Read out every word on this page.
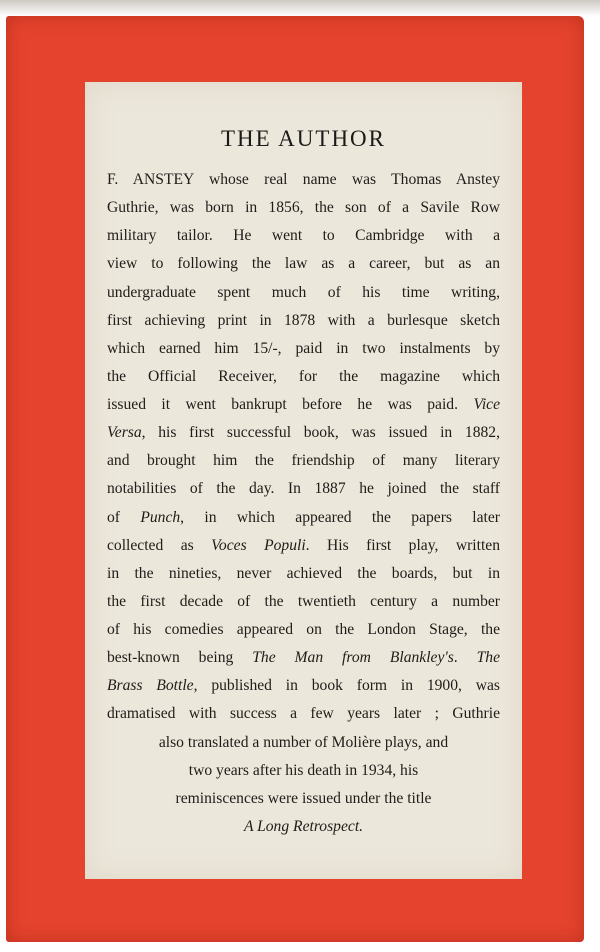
THE AUTHOR
F. ANSTEY whose real name was Thomas Anstey
Guthrie, was born in 1856, the son of a Savile Row
military tailor. He went to Cambridge with a
view to following the law as a career, but as an
undergraduate spent much of his time writing,
first achieving print in 1878 with a burlesque sketch
which earned him 15/-, paid in two instalments by
the Official Receiver, for the magazine which
issued it went bankrupt before he was paid. Vice
Versa, his first successful book, was issued in 1882,
and brought him the friendship of many literary
notabilities of the day. In 1887 he joined the staff
of Punch, in which appeared the papers later
collected as Voces Populi. His first play, written
in the nineties, never achieved the boards, but in
the first decade of the twentieth century a number
of his comedies appeared on the London Stage, the
best-known being The Man from Blankley's. The
Brass Bottle, published in book form in 1900, was
dramatised with success a few years later ; Guthrie
also translated a number of Molière plays, and
two years after his death in 1934, his
reminiscences were issued under the title
A Long Retrospect.
